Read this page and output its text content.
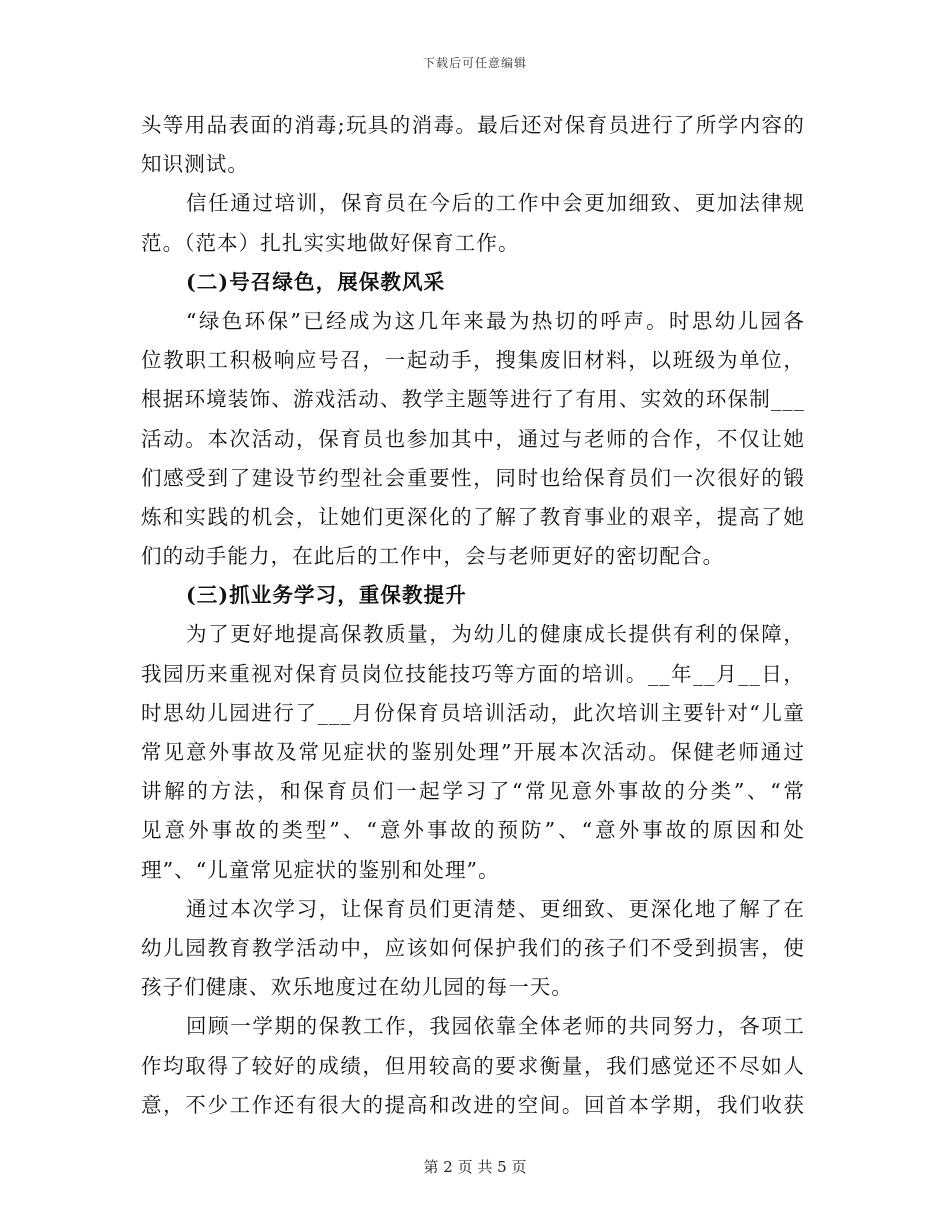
下载后可任意编辑
头等用品表面的消毒;玩具的消毒。最后还对保育员进行了所学内容的
知识测试。
信任通过培训，保育员在今后的工作中会更加细致、更加法律规
范。（范本）扎扎实实地做好保育工作。
(二)号召绿色，展保教风采
“绿色环保”已经成为这几年来最为热切的呼声。时思幼儿园各
位教职工积极响应号召，一起动手，搜集废旧材料，以班级为单位，
根据环境装饰、游戏活动、教学主题等进行了有用、实效的环保制___
活动。本次活动，保育员也参加其中，通过与老师的合作，不仅让她
们感受到了建设节约型社会重要性，同时也给保育员们一次很好的锻
炼和实践的机会，让她们更深化的了解了教育事业的艰辛，提高了她
们的动手能力，在此后的工作中，会与老师更好的密切配合。
(三)抓业务学习，重保教提升
为了更好地提高保教质量，为幼儿的健康成长提供有利的保障，
我园历来重视对保育员岗位技能技巧等方面的培训。__年__月__日，
时思幼儿园进行了___月份保育员培训活动，此次培训主要针对“儿童
常见意外事故及常见症状的鉴别处理”开展本次活动。保健老师通过
讲解的方法，和保育员们一起学习了“常见意外事故的分类”、“常
见意外事故的类型”、“意外事故的预防”、“意外事故的原因和处
理”、“儿童常见症状的鉴别和处理”。
通过本次学习，让保育员们更清楚、更细致、更深化地了解了在
幼儿园教育教学活动中，应该如何保护我们的孩子们不受到损害，使
孩子们健康、欢乐地度过在幼儿园的每一天。
回顾一学期的保教工作，我园依靠全体老师的共同努力，各项工
作均取得了较好的成绩，但用较高的要求衡量，我们感觉还不尽如人
意，不少工作还有很大的提高和改进的空间。回首本学期，我们收获
第 2 页 共 5 页
